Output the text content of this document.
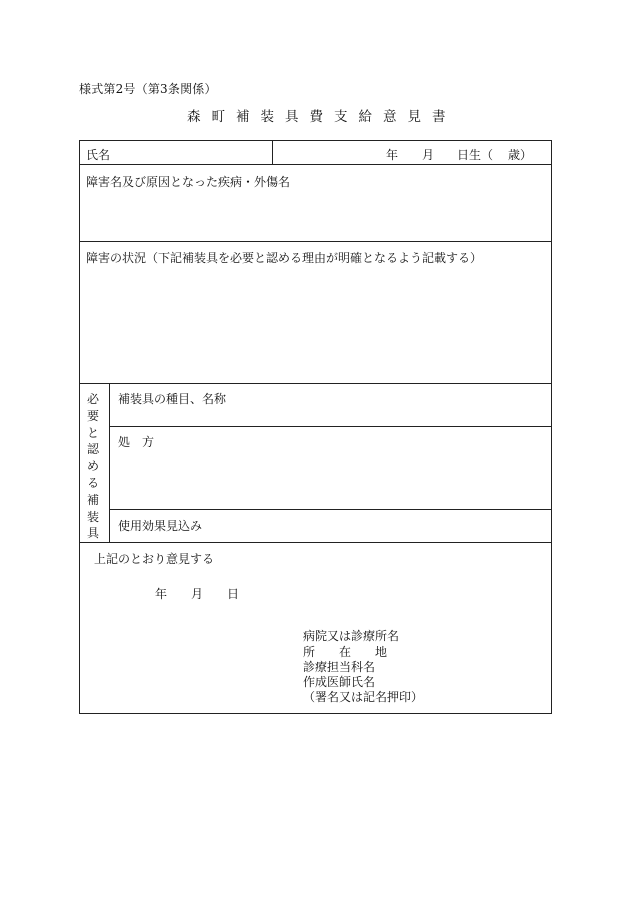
様式第2号（第3条関係）
森町補装具費支給意見書
氏名	年 月 日生（ 歳）
障害名及び原因となった疾病・外傷名
障害の状況（下記補装具を必要と認める理由が明確となるよう記載する）
必
要
と
認
め
る
補
装
具
補装具の種目、名称
処　方
使用効果見込み
上記のとおり意見する
年 月 日
病院又は診療所名
所　　在　　地
診療担当科名
作成医師氏名
（署名又は記名押印）
